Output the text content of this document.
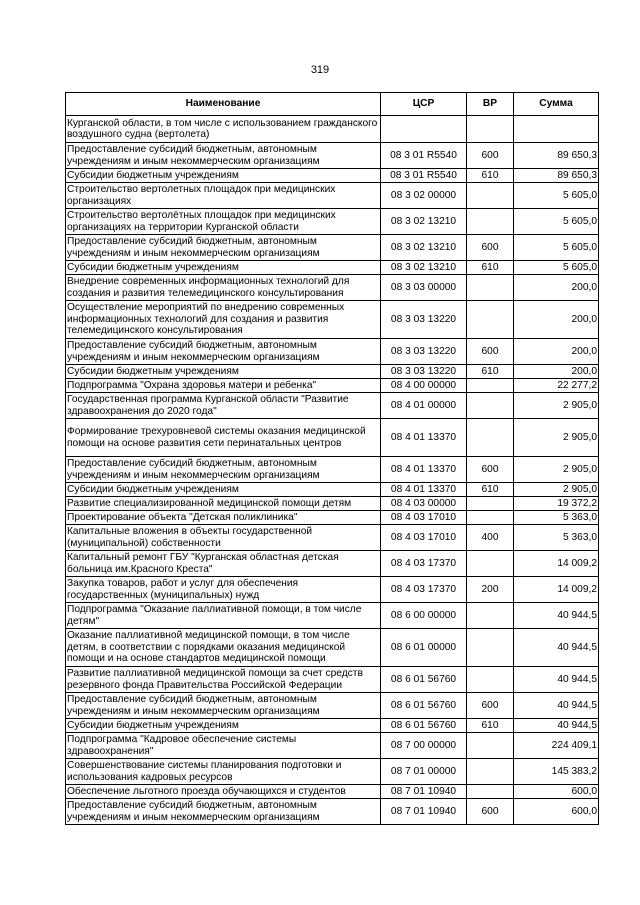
319
Наименование	ЦСР	ВР	Сумма
Курганской области, в том числе с использованием гражданского воздушного судна (вертолета)			
Предоставление субсидий бюджетным, автономным учреждениям и иным некоммерческим организациям	08 3 01 R5540	600	89 650,3
Субсидии бюджетным учреждениям	08 3 01 R5540	610	89 650,3
Строительство вертолетных площадок при медицинских организациях	08 3 02 00000		5 605,0
Строительство вертолётных площадок при медицинских организациях на территории Курганской области	08 3 02 13210		5 605,0
Предоставление субсидий бюджетным, автономным учреждениям и иным некоммерческим организациям	08 3 02 13210	600	5 605,0
Субсидии бюджетным учреждениям	08 3 02 13210	610	5 605,0
Внедрение современных информационных технологий для создания и развития телемедицинского консультирования	08 3 03 00000		200,0
Осуществление мероприятий по внедрению современных информационных технологий для создания и развития телемедицинского консультирования	08 3 03 13220		200,0
Предоставление субсидий бюджетным, автономным учреждениям и иным некоммерческим организациям	08 3 03 13220	600	200,0
Субсидии бюджетным учреждениям	08 3 03 13220	610	200,0
Подпрограмма "Охрана здоровья матери и ребенка"	08 4 00 00000		22 277,2
Государственная программа Курганской области "Развитие здравоохранения до 2020 года"	08 4 01 00000		2 905,0
Формирование трехуровневой системы оказания медицинской помощи на основе развития сети перинатальных центров	08 4 01 13370		2 905,0
Предоставление субсидий бюджетным, автономным учреждениям и иным некоммерческим организациям	08 4 01 13370	600	2 905,0
Субсидии бюджетным учреждениям	08 4 01 13370	610	2 905,0
Развитие специализированной медицинской помощи детям	08 4 03 00000		19 372,2
Проектирование объекта "Детская поликлиника"	08 4 03 17010		5 363,0
Капитальные вложения в объекты государственной (муниципальной) собственности	08 4 03 17010	400	5 363,0
Капитальный ремонт ГБУ "Курганская областная детская больница им.Красного Креста"	08 4 03 17370		14 009,2
Закупка товаров, работ и услуг для обеспечения государственных (муниципальных) нужд	08 4 03 17370	200	14 009,2
Подпрограмма "Оказание паллиативной помощи, в том числе детям"	08 6 00 00000		40 944,5
Оказание паллиативной медицинской помощи, в том числе детям, в соответствии с порядками оказания медицинской помощи и на основе стандартов медицинской помощи	08 6 01 00000		40 944,5
Развитие паллиативной медицинской помощи за счет средств резервного фонда Правительства Российской Федерации	08 6 01 56760		40 944,5
Предоставление субсидий бюджетным, автономным учреждениям и иным некоммерческим организациям	08 6 01 56760	600	40 944,5
Субсидии бюджетным учреждениям	08 6 01 56760	610	40 944,5
Подпрограмма "Кадровое обеспечение системы здравоохранения"	08 7 00 00000		224 409,1
Совершенствование системы планирования подготовки и использования кадровых ресурсов	08 7 01 00000		145 383,2
Обеспечение льготного проезда обучающихся и студентов	08 7 01 10940		600,0
Предоставление субсидий бюджетным, автономным учреждениям и иным некоммерческим организациям	08 7 01 10940	600	600,0
